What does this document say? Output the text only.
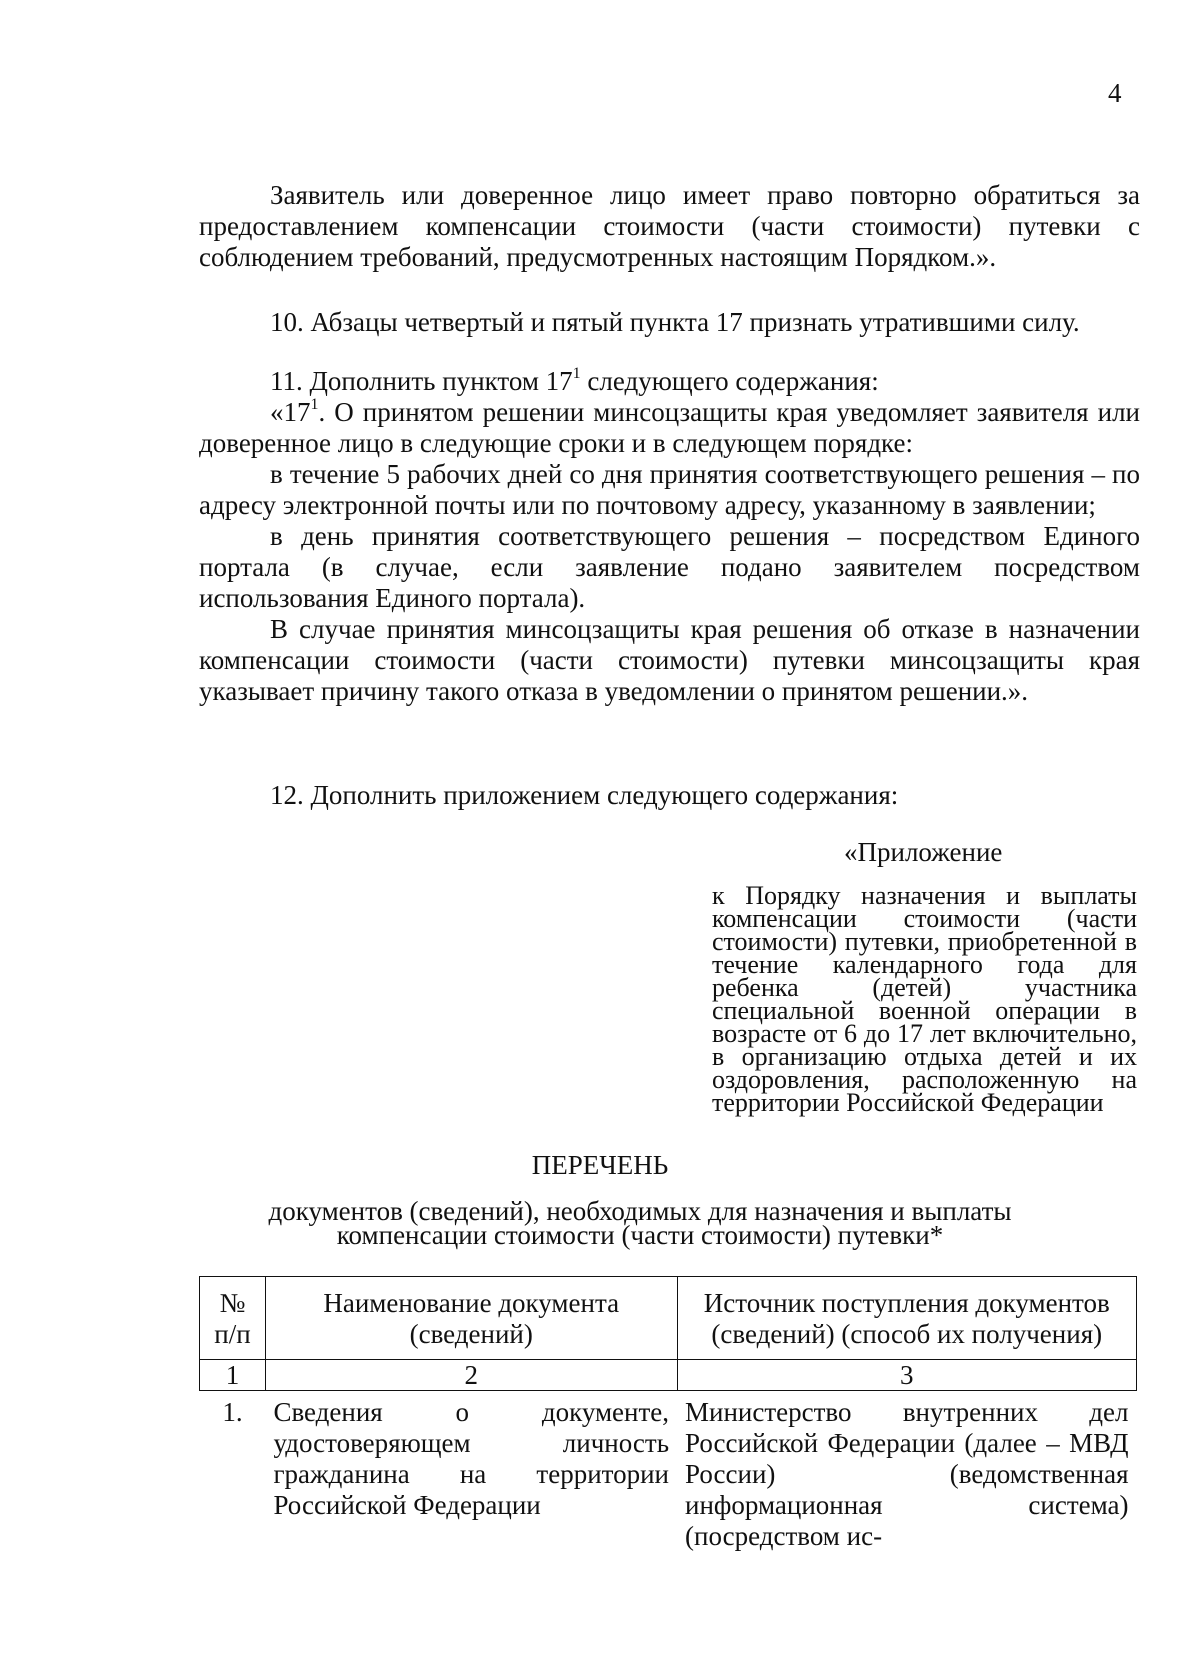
4

Заявитель или доверенное лицо имеет право повторно обратиться за предоставлением компенсации стоимости (части стоимости) путевки с соблюдением требований, предусмотренных настоящим Порядком.».

10. Абзацы четвертый и пятый пункта 17 признать утратившими силу.

11. Дополнить пунктом $17^1$ следующего содержания:

«$17^1$. О принятом решении минсоцзащиты края уведомляет заявителя или доверенное лицо в следующие сроки и в следующем порядке:

в течение 5 рабочих дней со дня принятия соответствующего решения – по адресу электронной почты или по почтовому адресу, указанному в заявлении;

в день принятия соответствующего решения – посредством Единого портала (в случае, если заявление подано заявителем посредством использования Единого портала).

В случае принятия минсоцзащиты края решения об отказе в назначении компенсации стоимости (части стоимости) путевки минсоцзащиты края указывает причину такого отказа в уведомлении о принятом решении.».

12. Дополнить приложением следующего содержания:

«Приложение

к Порядку назначения и выплаты компенсации стоимости (части стоимости) путевки, приобретенной в течение календарного года для ребенка (детей) участника специальной военной операции в возрасте от 6 до 17 лет включительно, в организацию отдыха детей и их оздоровления, расположенную на территории Российской Федерации

ПЕРЕЧЕНЬ

документов (сведений), необходимых для назначения и выплаты компенсации стоимости (части стоимости) путевки*

№ п/п	Наименование документа (сведений)	Источник поступления документов (сведений) (способ их получения)
1	2	3
1.	Сведения о документе, удостоверяющем личность гражданина на территории Российской Федерации	Министерство внутренних дел Российской Федерации (далее – МВД России) (ведомственная информационная система) (посредством ис-
